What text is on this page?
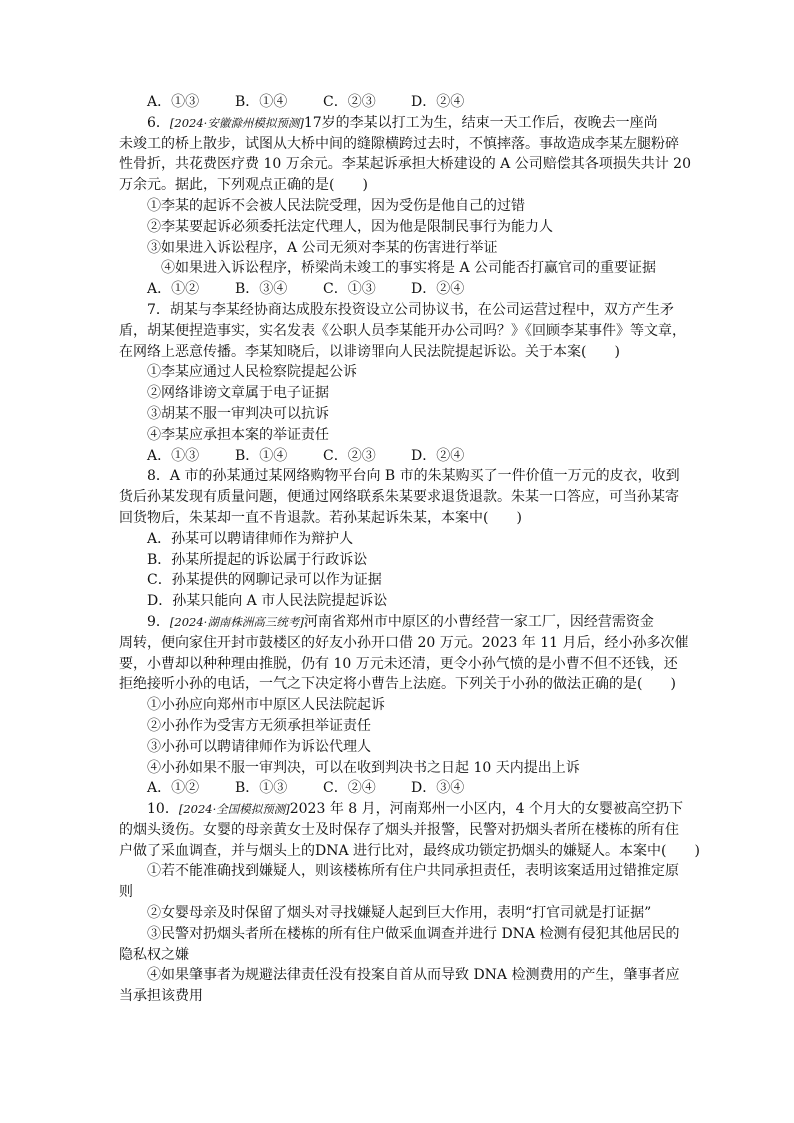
A．①③	B．①④	C．②③	D．②④
6．[2024·安徽滁州模拟预测]17岁的李某以打工为生，结束一天工作后，夜晚去一座尚
未竣工的桥上散步，试图从大桥中间的缝隙横跨过去时，不慎摔落。事故造成李某左腿粉碎
性骨折，共花费医疗费 10 万余元。李某起诉承担大桥建设的 A 公司赔偿其各项损失共计 20
万余元。据此，下列观点正确的是(　　)
①李某的起诉不会被人民法院受理，因为受伤是他自己的过错
②李某要起诉必须委托法定代理人，因为他是限制民事行为能力人
③如果进入诉讼程序，A 公司无须对李某的伤害进行举证
④如果进入诉讼程序，桥梁尚未竣工的事实将是 A 公司能否打赢官司的重要证据
A．①②	B．③④	C．①③	D．②④
7．胡某与李某经协商达成股东投资设立公司协议书，在公司运营过程中，双方产生矛
盾，胡某便捏造事实，实名发表《公职人员李某能开办公司吗？》《回顾李某事件》等文章，
在网络上恶意传播。李某知晓后，以诽谤罪向人民法院提起诉讼。关于本案(　　)
①李某应通过人民检察院提起公诉
②网络诽谤文章属于电子证据
③胡某不服一审判决可以抗诉
④李某应承担本案的举证责任
A．①③	B．①④	C．②③	D．②④
8．A 市的孙某通过某网络购物平台向 B 市的朱某购买了一件价值一万元的皮衣，收到
货后孙某发现有质量问题，便通过网络联系朱某要求退货退款。朱某一口答应，可当孙某寄
回货物后，朱某却一直不肯退款。若孙某起诉朱某，本案中(　　)
A．孙某可以聘请律师作为辩护人
B．孙某所提起的诉讼属于行政诉讼
C．孙某提供的网聊记录可以作为证据
D．孙某只能向 A 市人民法院提起诉讼
9．[2024·湖南株洲高三统考]河南省郑州市中原区的小曹经营一家工厂，因经营需资金
周转，便向家住开封市鼓楼区的好友小孙开口借 20 万元。2023 年 11 月后，经小孙多次催
要，小曹却以种种理由推脱，仍有 10 万元未还清，更令小孙气愤的是小曹不但不还钱，还
拒绝接听小孙的电话，一气之下决定将小曹告上法庭。下列关于小孙的做法正确的是(　　)
①小孙应向郑州市中原区人民法院起诉
②小孙作为受害方无须承担举证责任
③小孙可以聘请律师作为诉讼代理人
④小孙如果不服一审判决，可以在收到判决书之日起 10 天内提出上诉
A．①②	B．①③	C．②④	D．③④
10．[2024·全国模拟预测]2023 年 8 月，河南郑州一小区内，4 个月大的女婴被高空扔下
的烟头烫伤。女婴的母亲黄女士及时保存了烟头并报警，民警对扔烟头者所在楼栋的所有住
户做了采血调查，并与烟头上的DNA 进行比对，最终成功锁定扔烟头的嫌疑人。本案中(　　)
①若不能准确找到嫌疑人，则该楼栋所有住户共同承担责任，表明该案适用过错推定原
则
②女婴母亲及时保留了烟头对寻找嫌疑人起到巨大作用，表明“打官司就是打证据”
③民警对扔烟头者所在楼栋的所有住户做采血调查并进行 DNA 检测有侵犯其他居民的
隐私权之嫌
④如果肇事者为规避法律责任没有投案自首从而导致 DNA 检测费用的产生，肇事者应
当承担该费用
